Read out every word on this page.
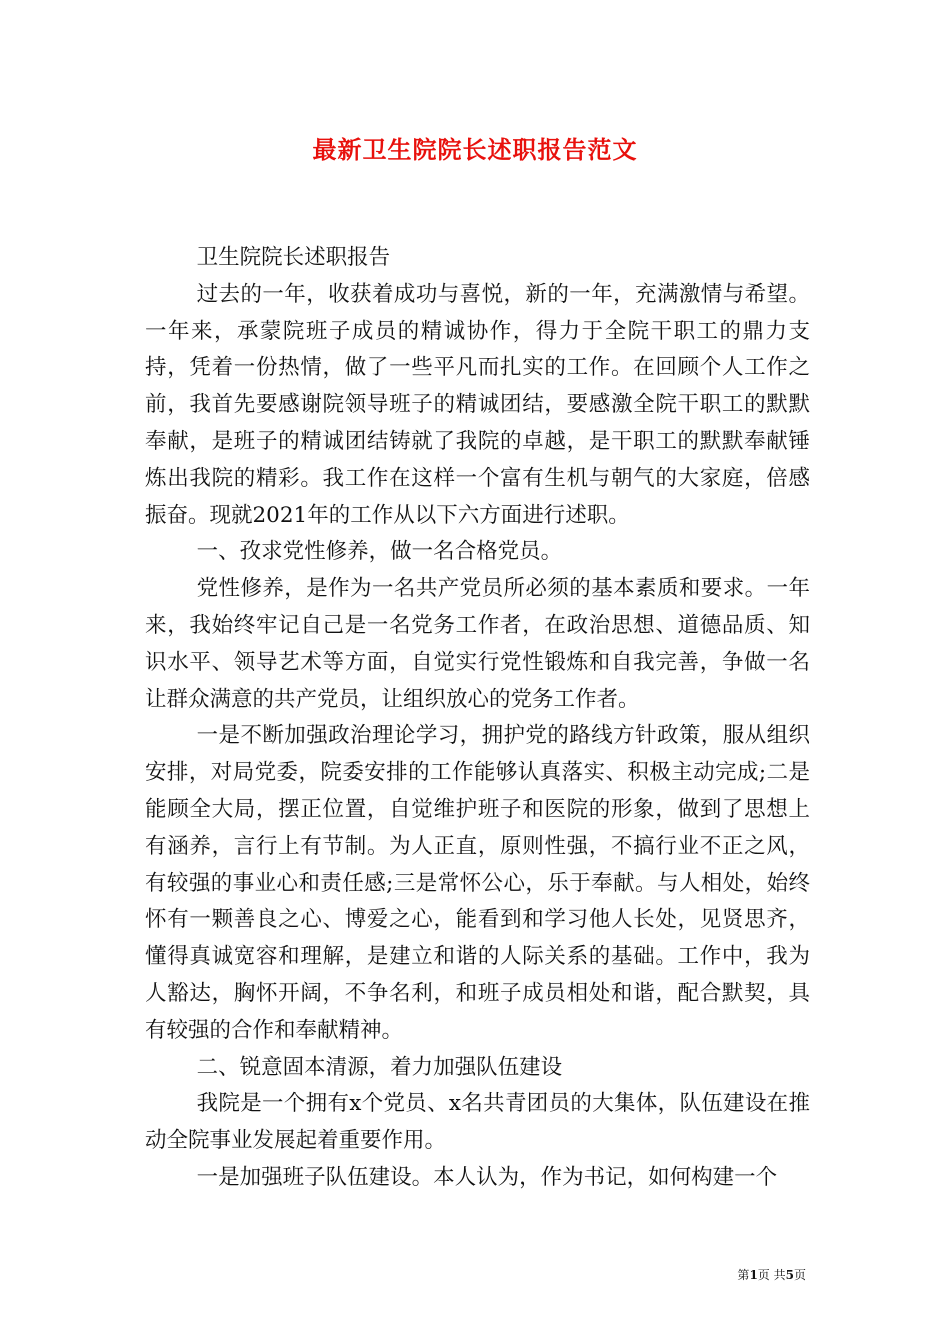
最新卫生院院长述职报告范文

卫生院院长述职报告

过去的一年，收获着成功与喜悦，新的一年，充满激情与希望。一年来，承蒙院班子成员的精诚协作，得力于全院干职工的鼎力支持，凭着一份热情，做了一些平凡而扎实的工作。在回顾个人工作之前，我首先要感谢院领导班子的精诚团结，要感激全院干职工的默默奉献，是班子的精诚团结铸就了我院的卓越，是干职工的默默奉献锤炼出我院的精彩。我工作在这样一个富有生机与朝气的大家庭，倍感振奋。现就2021年的工作从以下六方面进行述职。

一、孜求党性修养，做一名合格党员。

党性修养，是作为一名共产党员所必须的基本素质和要求。一年来，我始终牢记自己是一名党务工作者，在政治思想、道德品质、知识水平、领导艺术等方面，自觉实行党性锻炼和自我完善，争做一名让群众满意的共产党员，让组织放心的党务工作者。

一是不断加强政治理论学习，拥护党的路线方针政策，服从组织安排，对局党委，院委安排的工作能够认真落实、积极主动完成;二是能顾全大局，摆正位置，自觉维护班子和医院的形象，做到了思想上有涵养，言行上有节制。为人正直，原则性强，不搞行业不正之风，有较强的事业心和责任感;三是常怀公心，乐于奉献。与人相处，始终怀有一颗善良之心、博爱之心，能看到和学习他人长处，见贤思齐，懂得真诚宽容和理解，是建立和谐的人际关系的基础。工作中，我为人豁达，胸怀开阔，不争名利，和班子成员相处和谐，配合默契，具有较强的合作和奉献精神。

二、锐意固本清源，着力加强队伍建设

我院是一个拥有x个党员、x名共青团员的大集体，队伍建设在推动全院事业发展起着重要作用。

一是加强班子队伍建设。本人认为，作为书记，如何构建一个

第1页 共5页
